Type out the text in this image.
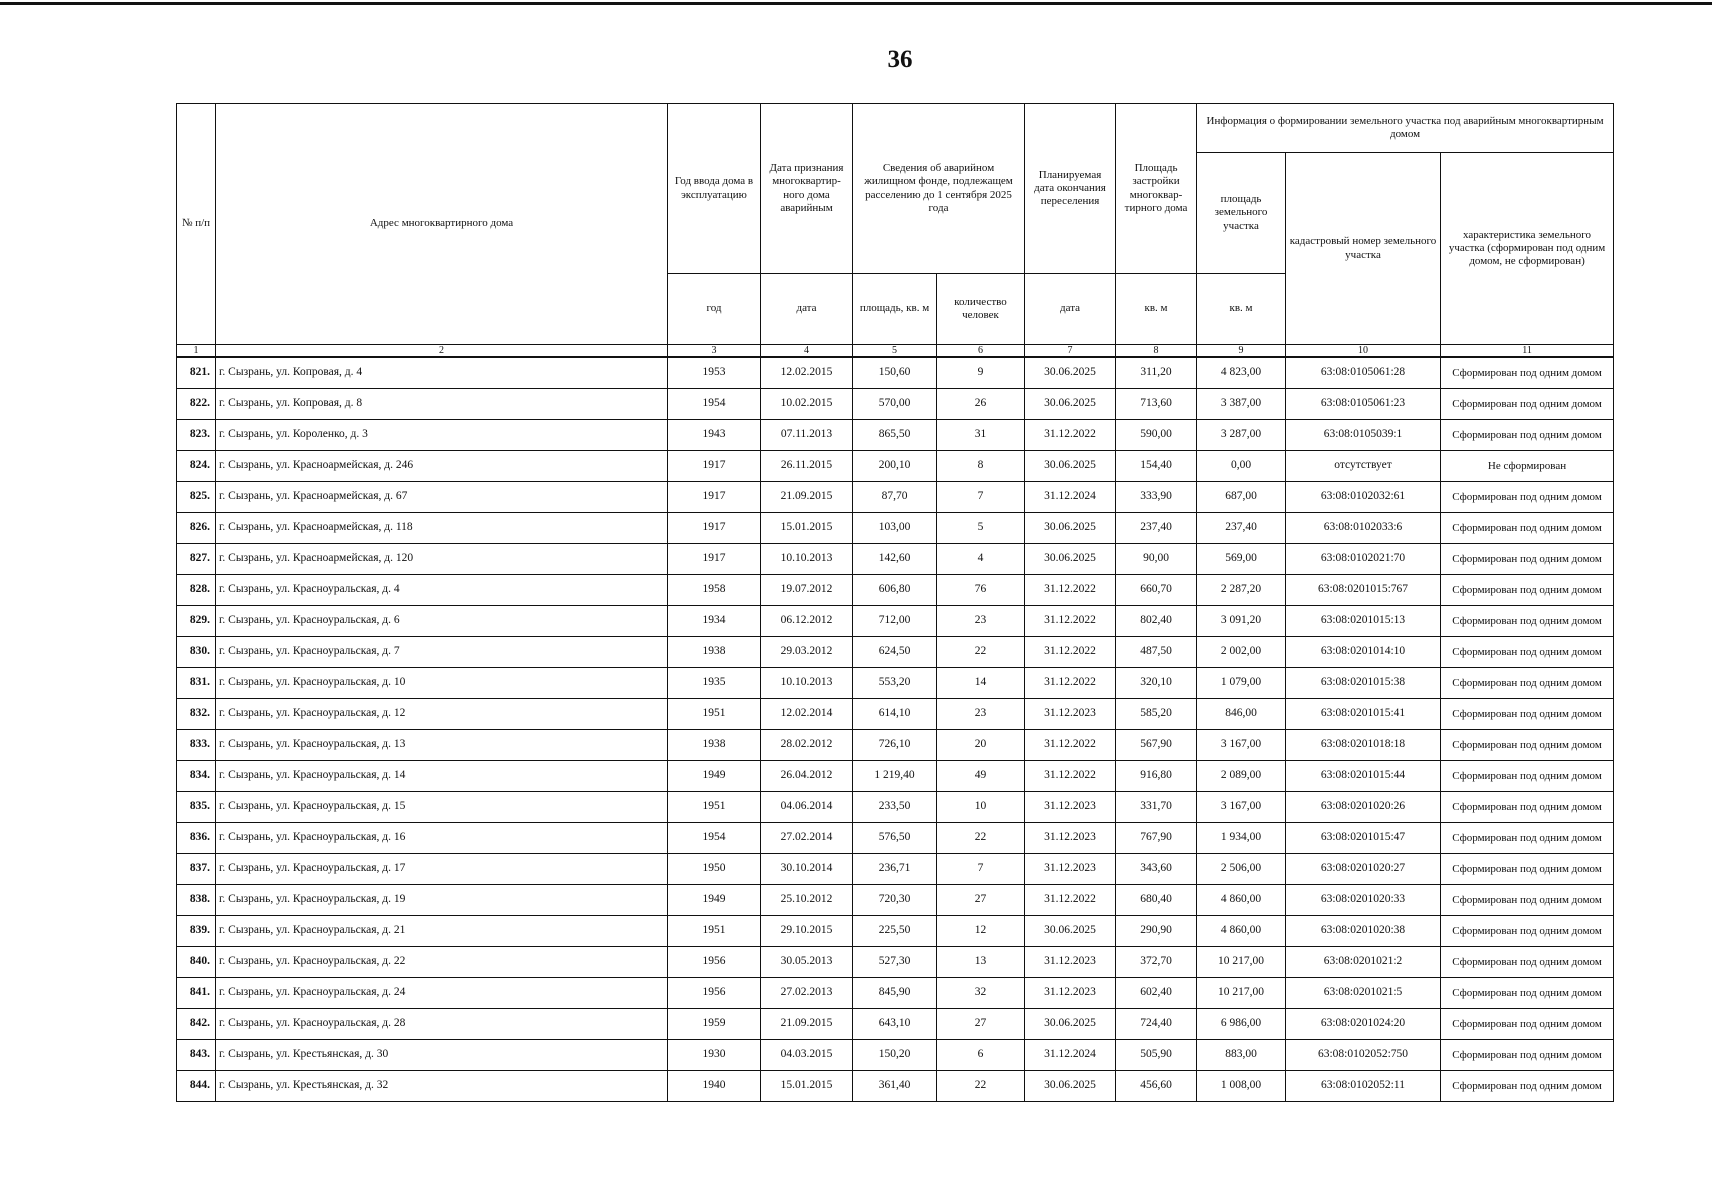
36
№ п/п	Адрес многоквартирного дома	Год ввода дома в эксплуатацию	Дата признания многоквартир-ного дома аварийным	Сведения об аварийном жилищном фонде, подлежащем расселению до 1 сентября 2025 года		Планируемая дата окончания переселения	Площадь застройки многоквар-тирного дома	Информация о формировании земельного участка под аварийным многоквартирным домом		
								площадь земельного участка	кадастровый номер земельного участка	характеристика земельного участка (сформирован под одним домом, не сформирован)
		год	дата	площадь, кв. м	количество человек	дата	кв. м	кв. м		
1	2	3	4	5	6	7	8	9	10	11
821.	г. Сызрань, ул. Копровая, д. 4	1953	12.02.2015	150,60	9	30.06.2025	311,20	4 823,00	63:08:0105061:28	Сформирован под одним домом
822.	г. Сызрань, ул. Копровая, д. 8	1954	10.02.2015	570,00	26	30.06.2025	713,60	3 387,00	63:08:0105061:23	Сформирован под одним домом
823.	г. Сызрань, ул. Короленко, д. 3	1943	07.11.2013	865,50	31	31.12.2022	590,00	3 287,00	63:08:0105039:1	Сформирован под одним домом
824.	г. Сызрань, ул. Красноармейская, д. 246	1917	26.11.2015	200,10	8	30.06.2025	154,40	0,00	отсутствует	Не сформирован
825.	г. Сызрань, ул. Красноармейская, д. 67	1917	21.09.2015	87,70	7	31.12.2024	333,90	687,00	63:08:0102032:61	Сформирован под одним домом
826.	г. Сызрань, ул. Красноармейская, д. 118	1917	15.01.2015	103,00	5	30.06.2025	237,40	237,40	63:08:0102033:6	Сформирован под одним домом
827.	г. Сызрань, ул. Красноармейская, д. 120	1917	10.10.2013	142,60	4	30.06.2025	90,00	569,00	63:08:0102021:70	Сформирован под одним домом
828.	г. Сызрань, ул. Красноуральская, д. 4	1958	19.07.2012	606,80	76	31.12.2022	660,70	2 287,20	63:08:0201015:767	Сформирован под одним домом
829.	г. Сызрань, ул. Красноуральская, д. 6	1934	06.12.2012	712,00	23	31.12.2022	802,40	3 091,20	63:08:0201015:13	Сформирован под одним домом
830.	г. Сызрань, ул. Красноуральская, д. 7	1938	29.03.2012	624,50	22	31.12.2022	487,50	2 002,00	63:08:0201014:10	Сформирован под одним домом
831.	г. Сызрань, ул. Красноуральская, д. 10	1935	10.10.2013	553,20	14	31.12.2022	320,10	1 079,00	63:08:0201015:38	Сформирован под одним домом
832.	г. Сызрань, ул. Красноуральская, д. 12	1951	12.02.2014	614,10	23	31.12.2023	585,20	846,00	63:08:0201015:41	Сформирован под одним домом
833.	г. Сызрань, ул. Красноуральская, д. 13	1938	28.02.2012	726,10	20	31.12.2022	567,90	3 167,00	63:08:0201018:18	Сформирован под одним домом
834.	г. Сызрань, ул. Красноуральская, д. 14	1949	26.04.2012	1 219,40	49	31.12.2022	916,80	2 089,00	63:08:0201015:44	Сформирован под одним домом
835.	г. Сызрань, ул. Красноуральская, д. 15	1951	04.06.2014	233,50	10	31.12.2023	331,70	3 167,00	63:08:0201020:26	Сформирован под одним домом
836.	г. Сызрань, ул. Красноуральская, д. 16	1954	27.02.2014	576,50	22	31.12.2023	767,90	1 934,00	63:08:0201015:47	Сформирован под одним домом
837.	г. Сызрань, ул. Красноуральская, д. 17	1950	30.10.2014	236,71	7	31.12.2023	343,60	2 506,00	63:08:0201020:27	Сформирован под одним домом
838.	г. Сызрань, ул. Красноуральская, д. 19	1949	25.10.2012	720,30	27	31.12.2022	680,40	4 860,00	63:08:0201020:33	Сформирован под одним домом
839.	г. Сызрань, ул. Красноуральская, д. 21	1951	29.10.2015	225,50	12	30.06.2025	290,90	4 860,00	63:08:0201020:38	Сформирован под одним домом
840.	г. Сызрань, ул. Красноуральская, д. 22	1956	30.05.2013	527,30	13	31.12.2023	372,70	10 217,00	63:08:0201021:2	Сформирован под одним домом
841.	г. Сызрань, ул. Красноуральская, д. 24	1956	27.02.2013	845,90	32	31.12.2023	602,40	10 217,00	63:08:0201021:5	Сформирован под одним домом
842.	г. Сызрань, ул. Красноуральская, д. 28	1959	21.09.2015	643,10	27	30.06.2025	724,40	6 986,00	63:08:0201024:20	Сформирован под одним домом
843.	г. Сызрань, ул. Крестьянская, д. 30	1930	04.03.2015	150,20	6	31.12.2024	505,90	883,00	63:08:0102052:750	Сформирован под одним домом
844.	г. Сызрань, ул. Крестьянская, д. 32	1940	15.01.2015	361,40	22	30.06.2025	456,60	1 008,00	63:08:0102052:11	Сформирован под одним домом
